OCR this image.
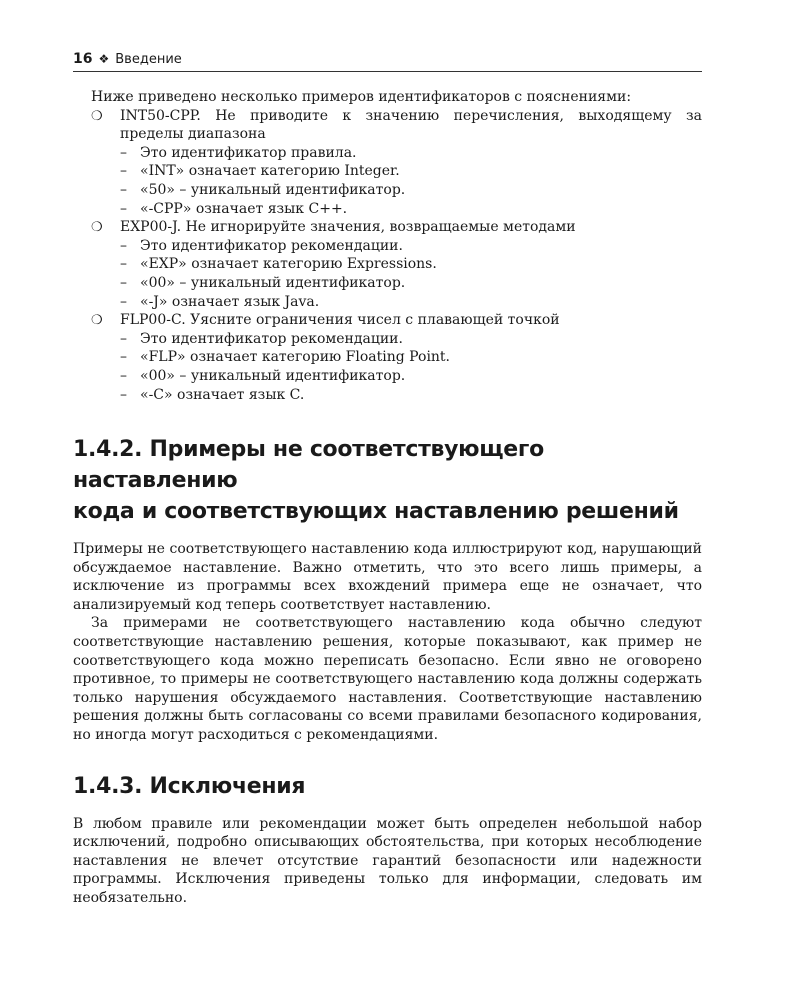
16 ❖ Введение

Ниже приведено несколько примеров идентификаторов с пояснениями:

❍ INT50-CPP. Не приводите к значению перечисления, выходящему за

пределы диапазона

– Это идентификатор правила.
– «INT» означает категорию Integer.
– «50» – уникальный идентификатор.
– «-CPP» означает язык C++.
❍ EXP00-J. Не игнорируйте значения, возвращаемые методами

– Это идентификатор рекомендации.
– «EXP» означает категорию Expressions.
– «00» – уникальный идентификатор.
– «-J» означает язык Java.
❍ FLP00-C. Уясните ограничения чисел с плавающей точкой

– Это идентификатор рекомендации.
– «FLP» означает категорию Floating Point.
– «00» – уникальный идентификатор.
– «-C» означает язык C.
1.4.2. Примеры не соответствующего наставлению
кода и соответствующих наставлению решений

Примеры не соответствующего наставлению кода иллюстрируют код, нарушающий обсуждаемое наставление. Важно отметить, что это всего лишь примеры, а исключение из программы всех вхождений примера еще не означает, что анализируемый код теперь соответствует наставлению.

За примерами не соответствующего наставлению кода обычно следуют соответствующие наставлению решения, которые показывают, как пример не соответствующего кода можно переписать безопасно. Если явно не оговорено противное, то примеры не соответствующего наставлению кода должны содержать только нарушения обсуждаемого наставления. Соответствующие наставлению решения должны быть согласованы со всеми правилами безопасного кодирования, но иногда могут расходиться с рекомендациями.

1.4.3. Исключения

В любом правиле или рекомендации может быть определен небольшой набор исключений, подробно описывающих обстоятельства, при которых несоблюдение наставления не влечет отсутствие гарантий безопасности или надежности программы. Исключения приведены только для информации, следовать им необязательно.
